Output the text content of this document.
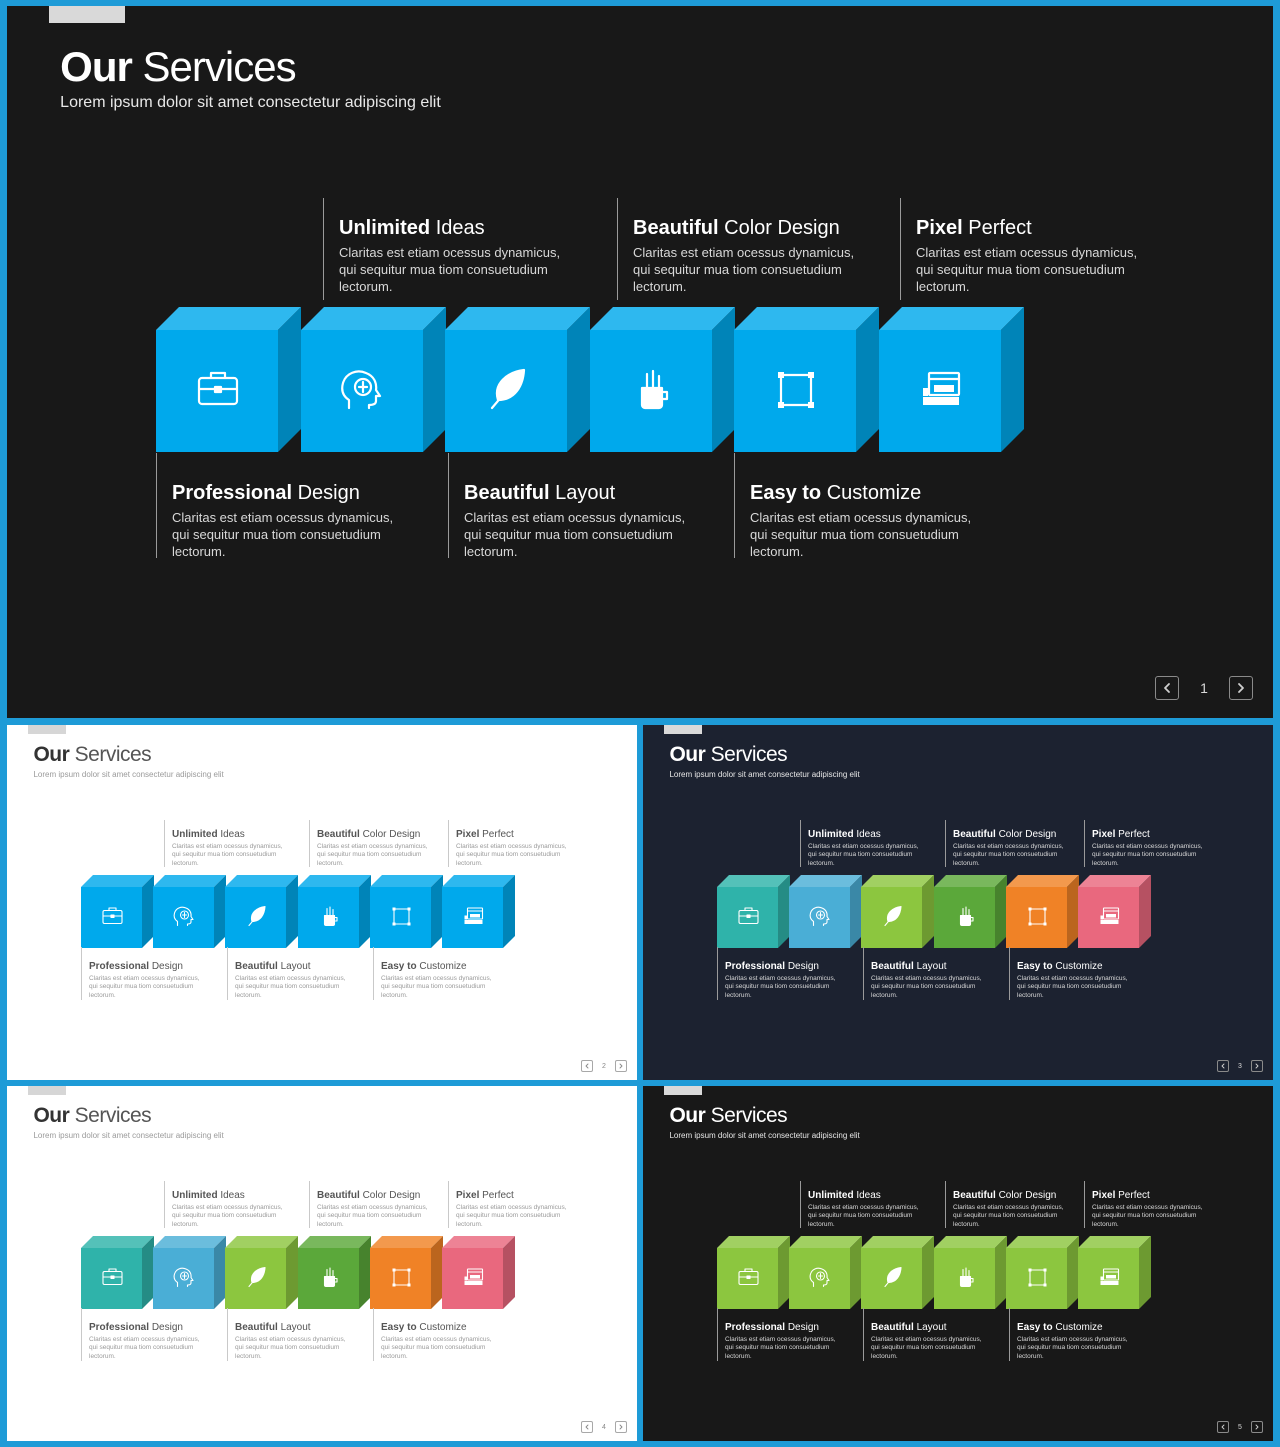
Our Services
Lorem ipsum dolor sit amet consectetur adipiscing elit
Unlimited Ideas
Claritas est etiam ocessus dynamicus, qui sequitur mua tiom consuetudium lectorum.
Beautiful Color Design
Claritas est etiam ocessus dynamicus, qui sequitur mua tiom consuetudium lectorum.
Pixel Perfect
Claritas est etiam ocessus dynamicus, qui sequitur mua tiom consuetudium lectorum.
Professional Design
Claritas est etiam ocessus dynamicus, qui sequitur mua tiom consuetudium lectorum.
Beautiful Layout
Claritas est etiam ocessus dynamicus, qui sequitur mua tiom consuetudium lectorum.
Easy to Customize
Claritas est etiam ocessus dynamicus, qui sequitur mua tiom consuetudium lectorum.
1
Our Services
Lorem ipsum dolor sit amet consectetur adipiscing elit
Unlimited Ideas
Claritas est etiam ocessus dynamicus, qui sequitur mua tiom consuetudium lectorum.
Beautiful Color Design
Claritas est etiam ocessus dynamicus, qui sequitur mua tiom consuetudium lectorum.
Pixel Perfect
Claritas est etiam ocessus dynamicus, qui sequitur mua tiom consuetudium lectorum.
Professional Design
Claritas est etiam ocessus dynamicus, qui sequitur mua tiom consuetudium lectorum.
Beautiful Layout
Claritas est etiam ocessus dynamicus, qui sequitur mua tiom consuetudium lectorum.
Easy to Customize
Claritas est etiam ocessus dynamicus, qui sequitur mua tiom consuetudium lectorum.
2
Our Services
Lorem ipsum dolor sit amet consectetur adipiscing elit
Unlimited Ideas
Claritas est etiam ocessus dynamicus, qui sequitur mua tiom consuetudium lectorum.
Beautiful Color Design
Claritas est etiam ocessus dynamicus, qui sequitur mua tiom consuetudium lectorum.
Pixel Perfect
Claritas est etiam ocessus dynamicus, qui sequitur mua tiom consuetudium lectorum.
Professional Design
Claritas est etiam ocessus dynamicus, qui sequitur mua tiom consuetudium lectorum.
Beautiful Layout
Claritas est etiam ocessus dynamicus, qui sequitur mua tiom consuetudium lectorum.
Easy to Customize
Claritas est etiam ocessus dynamicus, qui sequitur mua tiom consuetudium lectorum.
3
Our Services
Lorem ipsum dolor sit amet consectetur adipiscing elit
Unlimited Ideas
Claritas est etiam ocessus dynamicus, qui sequitur mua tiom consuetudium lectorum.
Beautiful Color Design
Claritas est etiam ocessus dynamicus, qui sequitur mua tiom consuetudium lectorum.
Pixel Perfect
Claritas est etiam ocessus dynamicus, qui sequitur mua tiom consuetudium lectorum.
Professional Design
Claritas est etiam ocessus dynamicus, qui sequitur mua tiom consuetudium lectorum.
Beautiful Layout
Claritas est etiam ocessus dynamicus, qui sequitur mua tiom consuetudium lectorum.
Easy to Customize
Claritas est etiam ocessus dynamicus, qui sequitur mua tiom consuetudium lectorum.
4
Our Services
Lorem ipsum dolor sit amet consectetur adipiscing elit
Unlimited Ideas
Claritas est etiam ocessus dynamicus, qui sequitur mua tiom consuetudium lectorum.
Beautiful Color Design
Claritas est etiam ocessus dynamicus, qui sequitur mua tiom consuetudium lectorum.
Pixel Perfect
Claritas est etiam ocessus dynamicus, qui sequitur mua tiom consuetudium lectorum.
Professional Design
Claritas est etiam ocessus dynamicus, qui sequitur mua tiom consuetudium lectorum.
Beautiful Layout
Claritas est etiam ocessus dynamicus, qui sequitur mua tiom consuetudium lectorum.
Easy to Customize
Claritas est etiam ocessus dynamicus, qui sequitur mua tiom consuetudium lectorum.
5
